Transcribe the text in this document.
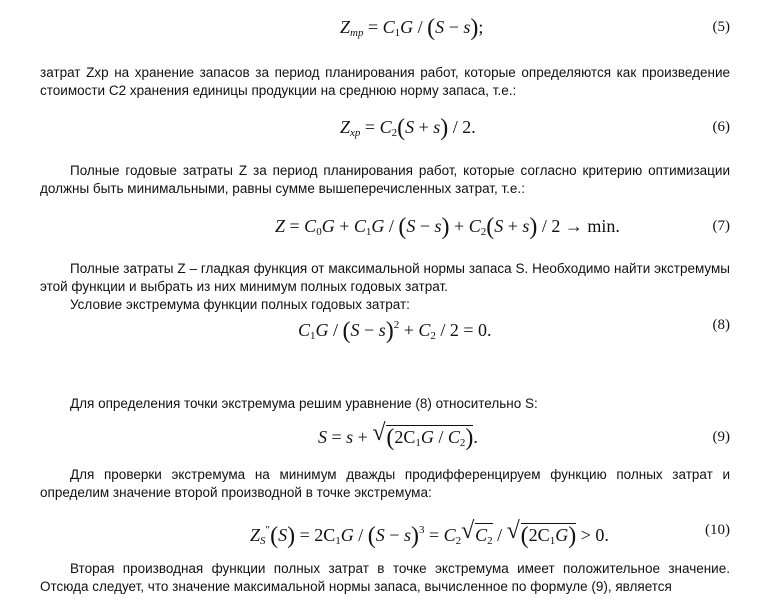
$Z_{тр} = C_1G / (S - s)$;	(5)
затрат Zхр на хранение запасов за период планирования работ, которые определяются как произведение стоимости C2 хранения единицы продукции на среднюю норму запаса, т.е.:
$Z_{хр} = C_2(S + s) / 2$.	(6)
Полные годовые затраты Z за период планирования работ, которые согласно критерию оптимизации должны быть минимальными, равны сумме вышеперечисленных затрат, т.е.:
$Z = C_0G + C_1G / (S - s) + C_2(S + s) / 2 \to \min$.	(7)
Полные затраты Z – гладкая функция от максимальной нормы запаса S. Необходимо найти экстремумы этой функции и выбрать из них минимум полных годовых затрат.
Условие экстремума функции полных годовых затрат:
$C_1G / (S - s)^2 + C_2 / 2 = 0$.	(8)
Для определения точки экстремума решим уравнение (8) относительно S:
S = s + √ $(2C_1G / C_2)$.	(9)
Для проверки экстремума на минимум дважды продифференцируем функцию полных затрат и определим значение второй производной в точке экстремума:
$Z_S''(S) = 2C_1G / (S - s)^3 = C_2$ √ $C_2$ / √ $(2C_1G) > 0$.	(10)
Вторая производная функции полных затрат в точке экстремума имеет положительное значение. Отсюда следует, что значение максимальной нормы запаса, вычисленное по формуле (9), является
